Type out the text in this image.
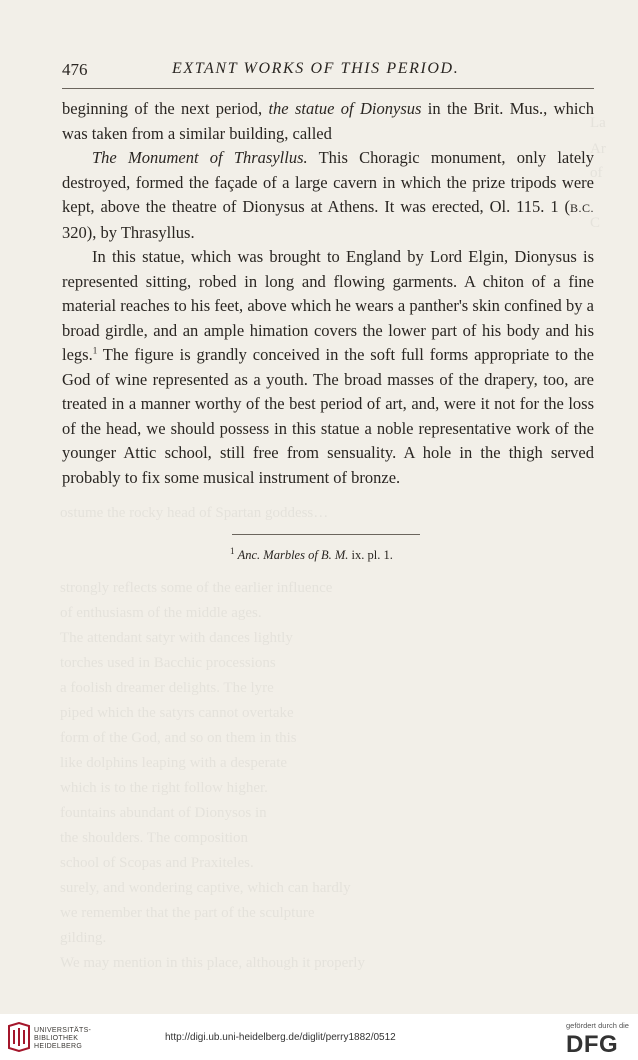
La
Ar
of
C
ostume the rocky head of Spartan goddess…
strongly reflects some of the earlier influence
of enthusiasm of the middle ages.
The attendant satyr with dances lightly
torches used in Bacchic processions
a foolish dreamer delights. The lyre
piped which the satyrs cannot overtake
form of the God, and so on them in this
like dolphins leaping with a desperate
which is to the right follow higher.
fountains abundant of Dionysos in
the shoulders. The composition
school of Scopas and Praxiteles.
surely, and wondering captive, which can hardly
we remember that the part of the sculpture
gilding.
We may mention in this place, although it properly
476	EXTANT WORKS OF THIS PERIOD.

beginning of the next period, the statue of Dionysus in the Brit. Mus., which was taken from a similar building, called

The Monument of Thrasyllus. This Choragic monument, only lately destroyed, formed the façade of a large cavern in which the prize tripods were kept, above the theatre of Dionysus at Athens. It was erected, Ol. 115. 1 (B.C. 320), by Thrasyllus.

In this statue, which was brought to England by Lord Elgin, Dionysus is represented sitting, robed in long and flowing garments. A chiton of a fine material reaches to his feet, above which he wears a panther's skin confined by a broad girdle, and an ample himation covers the lower part of his body and his legs.$^1$ The figure is grandly conceived in the soft full forms appropriate to the God of wine represented as a youth. The broad masses of the drapery, too, are treated in a manner worthy of the best period of art, and, were it not for the loss of the head, we should possess in this statue a noble representative work of the younger Attic school, still free from sensuality. A hole in the thigh served probably to fix some musical instrument of bronze.

$^1$ Anc. Marbles of B. M. ix. pl. 1.
UNIVERSITÄTS-
BIBLIOTHEK
HEIDELBERG
http://digi.ub.uni-heidelberg.de/diglit/perry1882/0512
gefördert durch die
DFG
